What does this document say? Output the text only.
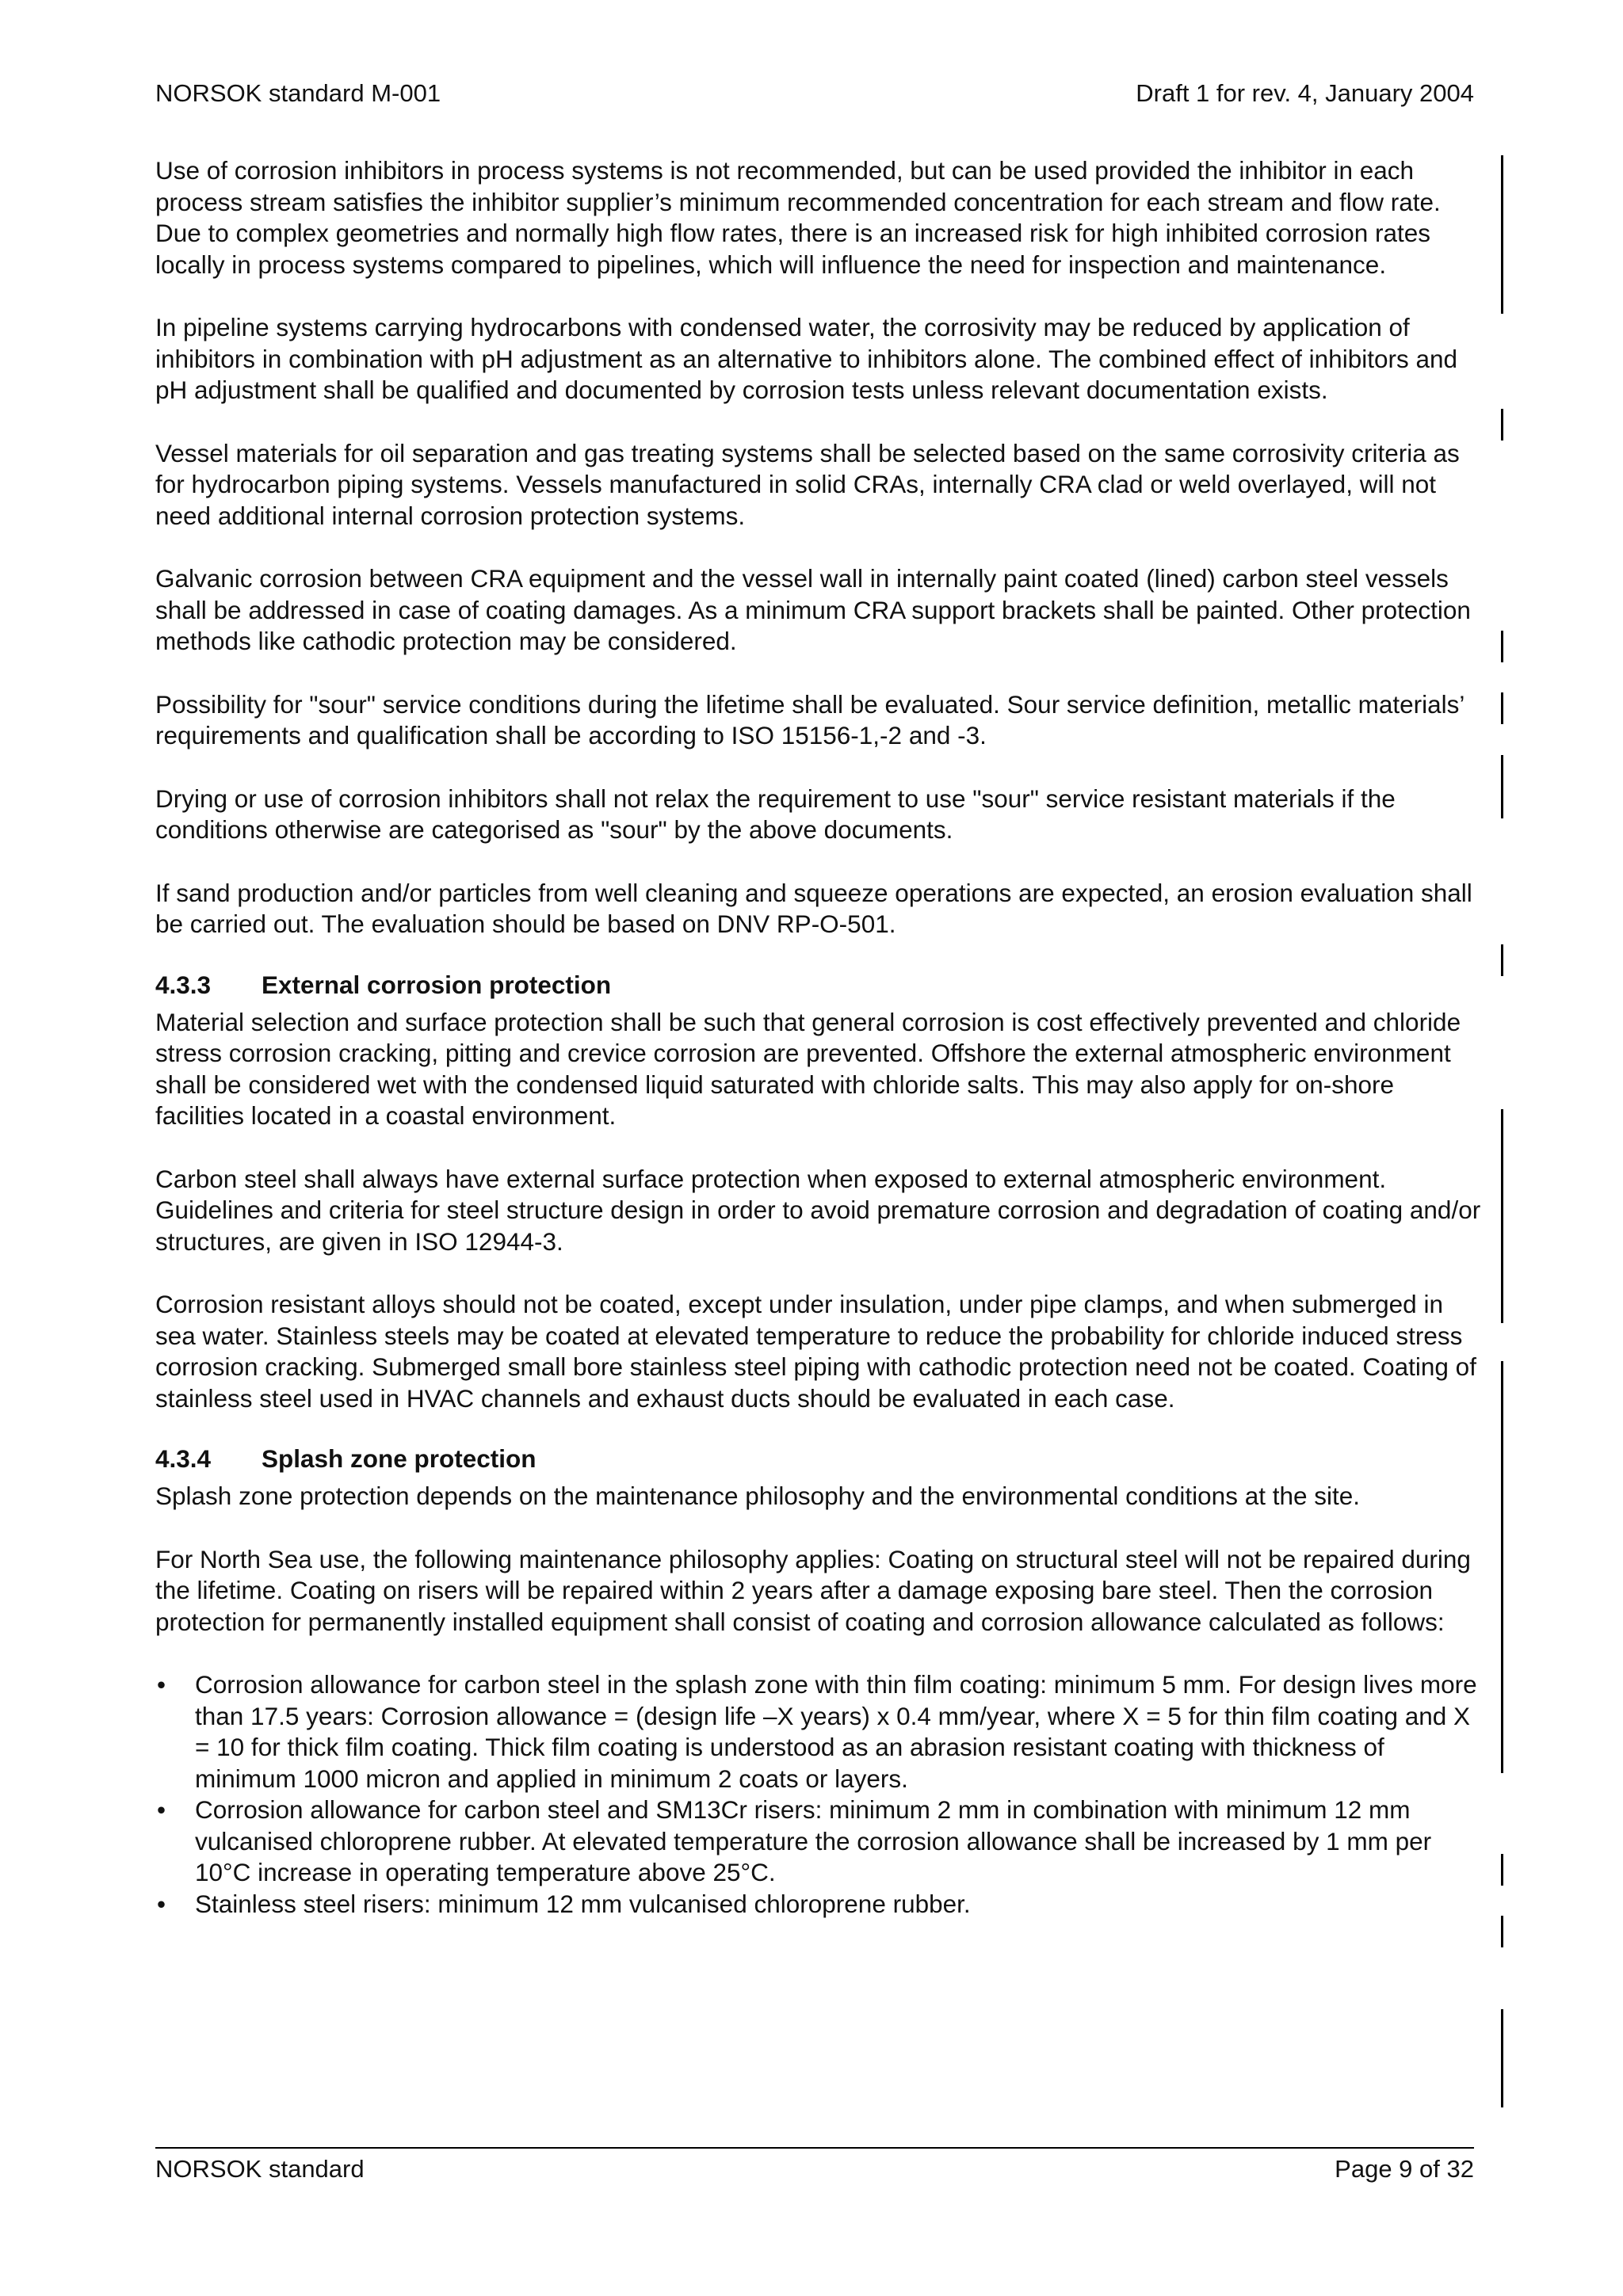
NORSOK standard M-001	Draft 1 for rev. 4, January 2004

Use of corrosion inhibitors in process systems is not recommended, but can be used provided the inhibitor in each process stream satisfies the inhibitor supplier’s minimum recommended concentration for each stream and flow rate. Due to complex geometries and normally high flow rates, there is an increased risk for high inhibited corrosion rates locally in process systems compared to pipelines, which will influence the need for inspection and maintenance.

In pipeline systems carrying hydrocarbons with condensed water, the corrosivity may be reduced by application of inhibitors in combination with pH adjustment as an alternative to inhibitors alone. The combined effect of inhibitors and pH adjustment shall be qualified and documented by corrosion tests unless relevant documentation exists.

Vessel materials for oil separation and gas treating systems shall be selected based on the same corrosivity criteria as for hydrocarbon piping systems. Vessels manufactured in solid CRAs, internally CRA clad or weld overlayed, will not need additional internal corrosion protection systems.

Galvanic corrosion between CRA equipment and the vessel wall in internally paint coated (lined) carbon steel vessels shall be addressed in case of coating damages. As a minimum CRA support brackets shall be painted. Other protection methods like cathodic protection may be considered.

Possibility for "sour" service conditions during the lifetime shall be evaluated. Sour service definition, metallic materials’ requirements and qualification shall be according to ISO 15156-1,-2 and -3.

Drying or use of corrosion inhibitors shall not relax the requirement to use "sour" service resistant materials if the conditions otherwise are categorised as "sour" by the above documents.

If sand production and/or particles from well cleaning and squeeze operations are expected, an erosion evaluation shall be carried out. The evaluation should be based on DNV RP-O-501.

4.3.3 External corrosion protection

Material selection and surface protection shall be such that general corrosion is cost effectively prevented and chloride stress corrosion cracking, pitting and crevice corrosion are prevented. Offshore the external atmospheric environment shall be considered wet with the condensed liquid saturated with chloride salts. This may also apply for on-shore facilities located in a coastal environment.

Carbon steel shall always have external surface protection when exposed to external atmospheric environment. Guidelines and criteria for steel structure design in order to avoid premature corrosion and degradation of coating and/or structures, are given in ISO 12944-3.

Corrosion resistant alloys should not be coated, except under insulation, under pipe clamps, and when submerged in sea water. Stainless steels may be coated at elevated temperature to reduce the probability for chloride induced stress corrosion cracking. Submerged small bore stainless steel piping with cathodic protection need not be coated. Coating of stainless steel used in HVAC channels and exhaust ducts should be evaluated in each case.

4.3.4 Splash zone protection

Splash zone protection depends on the maintenance philosophy and the environmental conditions at the site.

For North Sea use, the following maintenance philosophy applies: Coating on structural steel will not be repaired during the lifetime. Coating on risers will be repaired within 2 years after a damage exposing bare steel. Then the corrosion protection for permanently installed equipment shall consist of coating and corrosion allowance calculated as follows:

• Corrosion allowance for carbon steel in the splash zone with thin film coating: minimum 5 mm. For design lives more than 17.5 years: Corrosion allowance = (design life –X years) x 0.4 mm/year, where X = 5 for thin film coating and X = 10 for thick film coating. Thick film coating is understood as an abrasion resistant coating with thickness of minimum 1000 micron and applied in minimum 2 coats or layers.
• Corrosion allowance for carbon steel and SM13Cr risers: minimum 2 mm in combination with minimum 12 mm vulcanised chloroprene rubber. At elevated temperature the corrosion allowance shall be increased by 1 mm per 10°C increase in operating temperature above 25°C.
• Stainless steel risers: minimum 12 mm vulcanised chloroprene rubber.
NORSOK standard	Page 9 of 32
